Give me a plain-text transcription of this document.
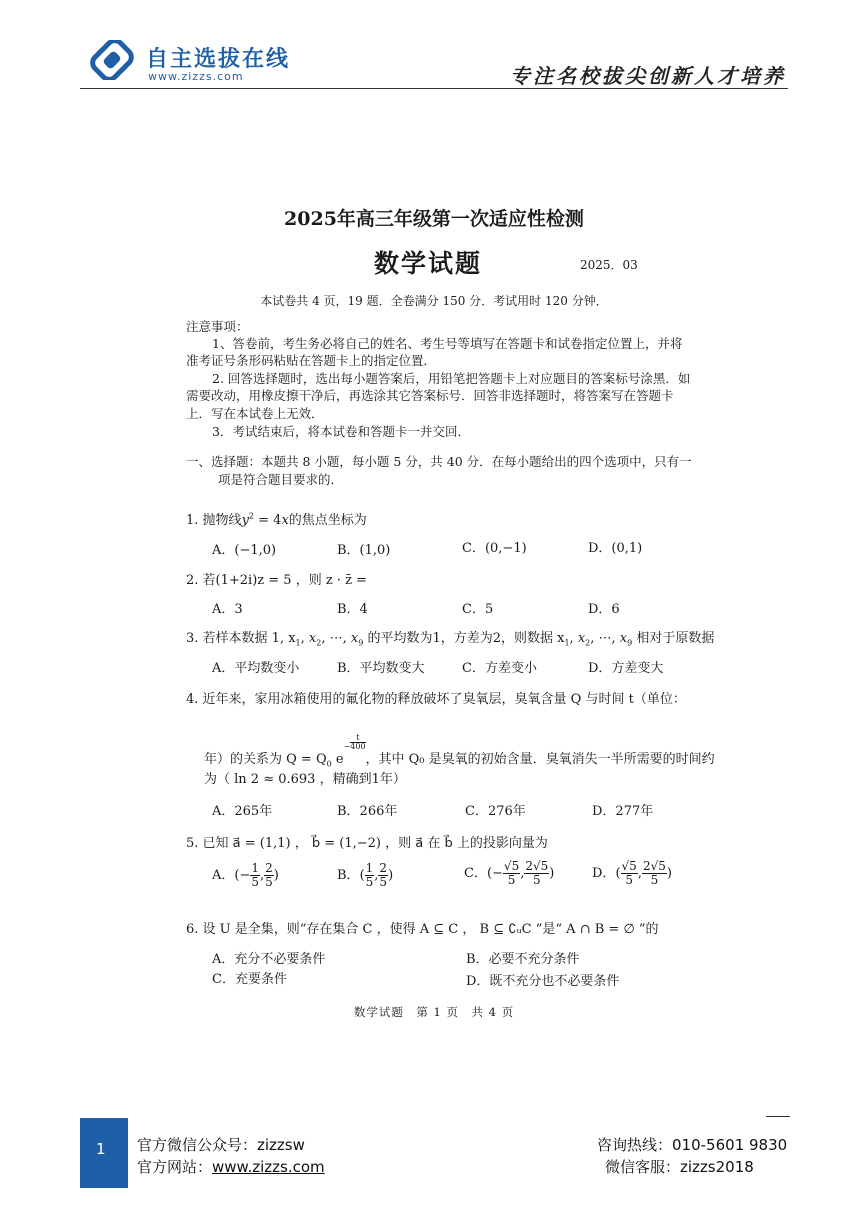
自主选拔在线
www.zizzs.com	专注名校拔尖创新人才培养
2025年高三年级第一次适应性检测
数学试题	2025．03
本试卷共 4 页，19 题．全卷满分 150 分．考试用时 120 分钟．
注意事项：
1、答卷前，考生务必将自己的姓名、考生号等填写在答题卡和试卷指定位置上，并将
准考证号条形码粘贴在答题卡上的指定位置．
2. 回答选择题时，选出每小题答案后，用铅笔把答题卡上对应题目的答案标号涂黑．如
需要改动，用橡皮擦干净后，再选涂其它答案标号．回答非选择题时，将答案写在答题卡
上．写在本试卷上无效．
3．考试结束后，将本试卷和答题卡一并交回．
一、选择题：本题共 8 小题，每小题 5 分，共 40 分．在每小题给出的四个选项中，只有一
项是符合题目要求的．
1. 抛物线$y^2 = 4x$的焦点坐标为
A．(−1,0)	B．(1,0)	C．(0,−1)	D．(0,1)
2. 若(1+2i)z = 5 ，则 z · z̄ =
A．3	B．4	C．5	D．6
3. 若样本数据 1, $x_1$, $x_2$, ⋯, $x_9$ 的平均数为1，方差为2，则数据 $x_1$, $x_2$, ⋯, $x_9$ 相对于原数据
A．平均数变小	B．平均数变大	C．方差变小	D．方差变大
4. 近年来，家用冰箱使用的氟化物的释放破坏了臭氧层，臭氧含量 Q 与时间 t（单位：
年）的关系为 $Q = Q_0$ $e- \frac{t}{400}$
，其中 Q₀ 是臭氧的初始含量．臭氧消失一半所需要的时间约
为（ ln 2 ≈ 0.693 ，精确到1年）
A．265年	B．266年	C．276年	D．277年
5. 已知 a⃗ = (1,1) ， b⃗ = (1,−2) ，则 a⃗ 在 b⃗ 上的投影向量为
A．(− $\frac{1}{5}$ , $\frac{2}{5}$ )	B．( $\frac{1}{5}$ , $\frac{2}{5}$ )	C．(− $\frac{√5}{5}$ , $\frac{2√5}{5}$ )	D．( $\frac{√5}{5}$ , $\frac{2√5}{5}$ )
6. 设 U 是全集，则“存在集合 C ，使得 A ⊆ C ， B ⊆ ∁ᵤC ”是“ A ∩ B = ∅ ”的
A．充分不必要条件	B．必要不充分条件
C．充要条件	D．既不充分也不必要条件
数学试题　第 1 页　共 4 页
1 官方微信公众号：zizzsw
官方网站：www.zizzs.com
咨询热线：010-5601 9830
微信客服：zizzs2018
